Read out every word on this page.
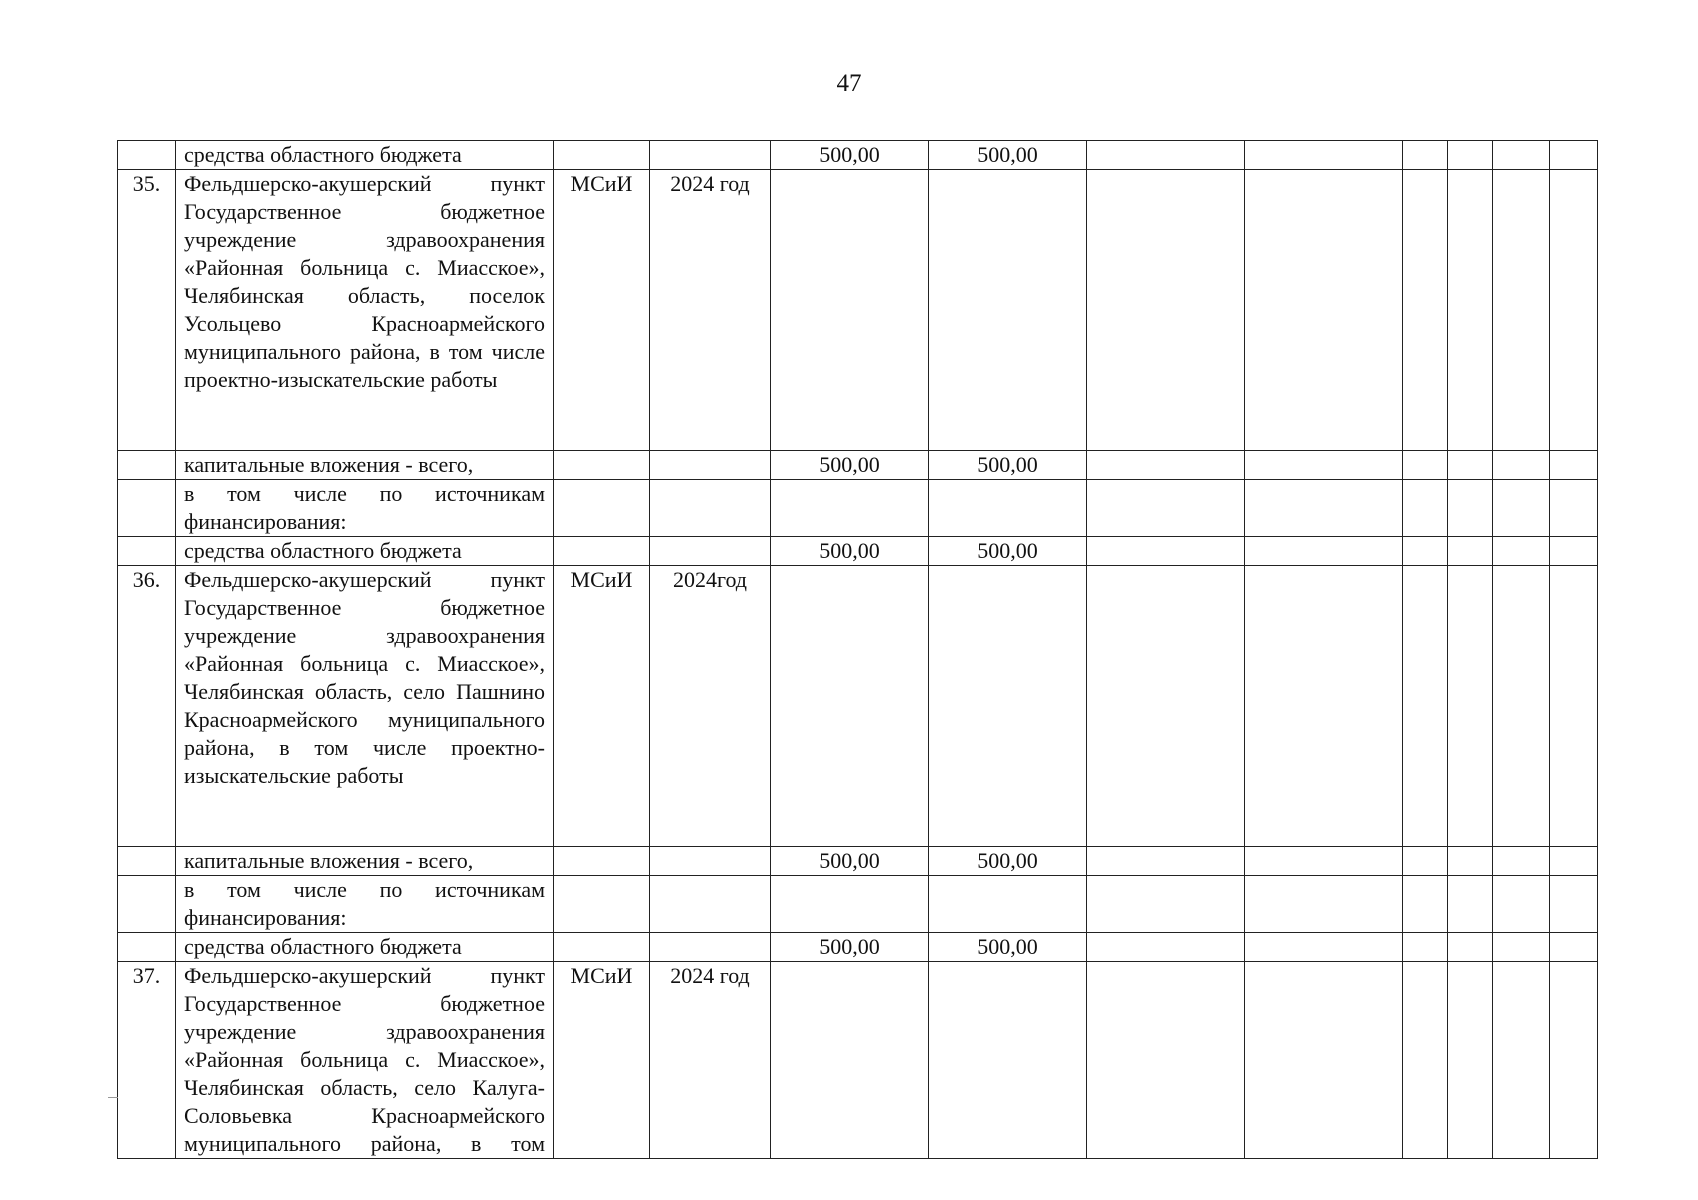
47
	средства областного бюджета			500,00	500,00						
35.	Фельдшерско-акушерский пункт Государственное бюджетное учреждение здравоохранения «Районная больница с. Миасское», Челябинская область, поселок Усольцево Красноармейского муниципального района, в том числе проектно-изыскательские работы	МСиИ	2024 год								
	капитальные вложения - всего,			500,00	500,00						
	в том числе по источникам финансирования:										
	средства областного бюджета			500,00	500,00						
36.	Фельдшерско-акушерский пункт Государственное бюджетное учреждение здравоохранения «Районная больница с. Миасское», Челябинская область, село Пашнино Красноармейского муниципального района, в том числе проектно-изыскательские работы	МСиИ	2024год								
	капитальные вложения - всего,			500,00	500,00						
	в том числе по источникам финансирования:										
	средства областного бюджета			500,00	500,00						
37.	Фельдшерско-акушерский пункт Государственное бюджетное учреждение здравоохранения «Районная больница с. Миасское», Челябинская область, село Калуга-Соловьевка Красноармейского муниципального района, в том	МСиИ	2024 год								
